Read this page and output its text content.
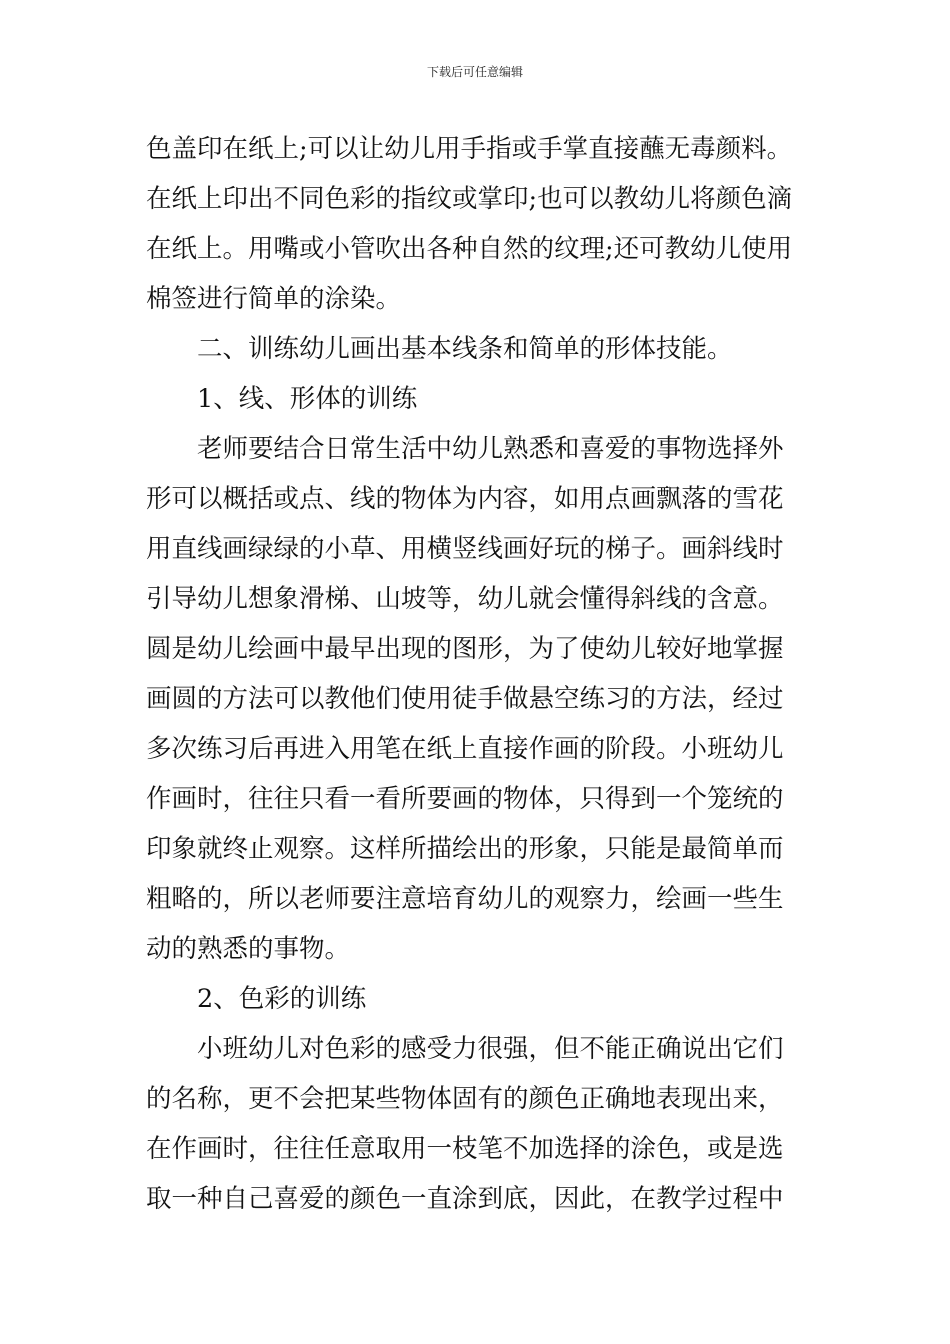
下载后可任意编辑
色盖印在纸上;可以让幼儿用手指或手掌直接蘸无毒颜料。
在纸上印出不同色彩的指纹或掌印;也可以教幼儿将颜色滴
在纸上。用嘴或小管吹出各种自然的纹理;还可教幼儿使用
棉签进行简单的涂染。
二、训练幼儿画出基本线条和简单的形体技能。
1、线、形体的训练
老师要结合日常生活中幼儿熟悉和喜爱的事物选择外
形可以概括或点、线的物体为内容，如用点画飘落的雪花
用直线画绿绿的小草、用横竖线画好玩的梯子。画斜线时
引导幼儿想象滑梯、山坡等，幼儿就会懂得斜线的含意。
圆是幼儿绘画中最早出现的图形，为了使幼儿较好地掌握
画圆的方法可以教他们使用徒手做悬空练习的方法，经过
多次练习后再进入用笔在纸上直接作画的阶段。小班幼儿
作画时，往往只看一看所要画的物体，只得到一个笼统的
印象就终止观察。这样所描绘出的形象，只能是最简单而
粗略的，所以老师要注意培育幼儿的观察力，绘画一些生
动的熟悉的事物。
2、色彩的训练
小班幼儿对色彩的感受力很强，但不能正确说出它们
的名称，更不会把某些物体固有的颜色正确地表现出来，
在作画时，往往任意取用一枝笔不加选择的涂色，或是选
取一种自己喜爱的颜色一直涂到底，因此，在教学过程中
